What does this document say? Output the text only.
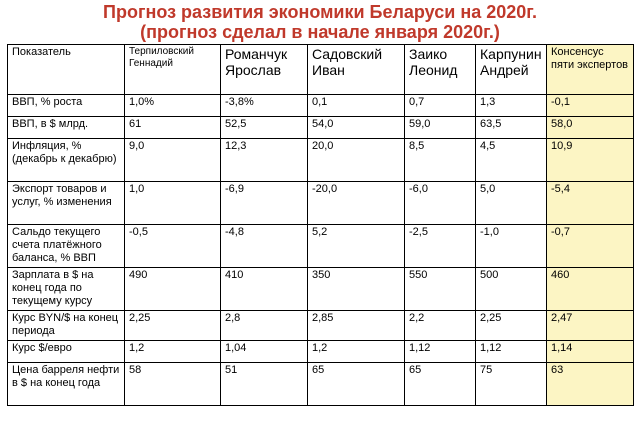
Прогноз развития экономики Беларуси на 2020г.
(прогноз сделал в начале января 2020г.)
Показатель	Терпиловский Геннадий	Романчук Ярослав	Садовский Иван	Заико Леонид	Карпунин Андрей	Консенсус пяти экспертов
ВВП, % роста	1,0%	-3,8%	0,1	0,7	1,3	-0,1
ВВП, в $ млрд.	61	52,5	54,0	59,0	63,5	58,0
Инфляция, % (декабрь к декабрю)	9,0	12,3	20,0	8,5	4,5	10,9
Экспорт товаров и услуг, % изменения	1,0	-6,9	-20,0	-6,0	5,0	-5,4
Сальдо текущего счета платёжного баланса, % ВВП	-0,5	-4,8	5,2	-2,5	-1,0	-0,7
Зарплата в $ на конец года по текущему курсу	490	410	350	550	500	460
Курс BYN/$ на конец периода	2,25	2,8	2,85	2,2	2,25	2,47
Курс $/евро	1,2	1,04	1,2	1,12	1,12	1,14
Цена барреля нефти в $ на конец года	58	51	65	65	75	63
